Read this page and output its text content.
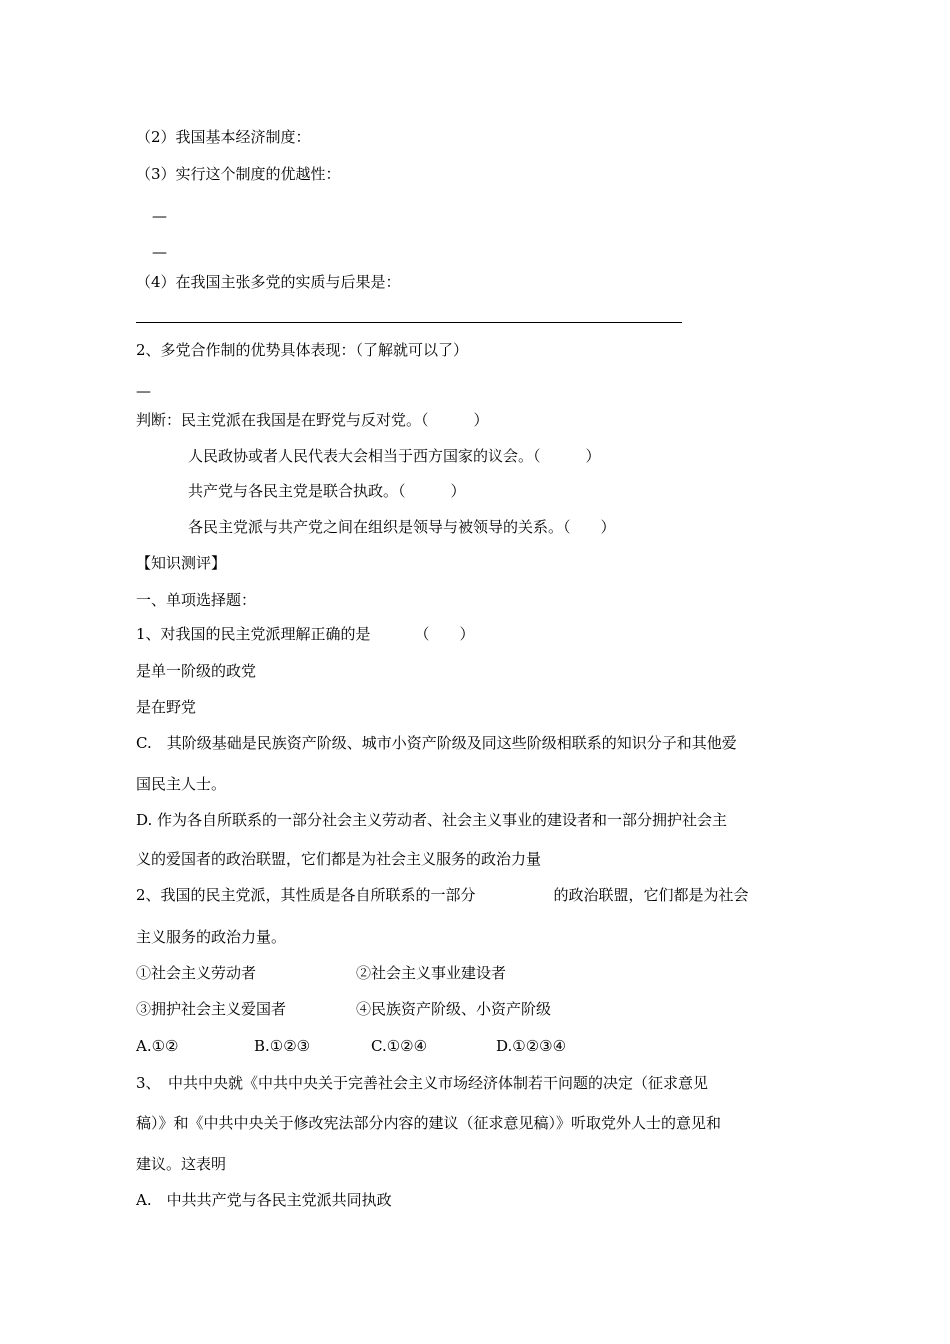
（2）我国基本经济制度：
（3）实行这个制度的优越性：
—
—
（4）在我国主张多党的实质与后果是：
2、多党合作制的优势具体表现：（了解就可以了）
—
判断：民主党派在我国是在野党与反对党。（　　　）
人民政协或者人民代表大会相当于西方国家的议会。（　　　）
共产党与各民主党是联合执政。（　　　）
各民主党派与共产党之间在组织是领导与被领导的关系。（　　）
【知识测评】
一、单项选择题：
1、对我国的民主党派理解正确的是	（　　）
是单一阶级的政党
是在野党
C.　其阶级基础是民族资产阶级、城市小资产阶级及同这些阶级相联系的知识分子和其他爱
国民主人士。
D. 作为各自所联系的一部分社会主义劳动者、社会主义事业的建设者和一部分拥护社会主
义的爱国者的政治联盟，它们都是为社会主义服务的政治力量
2、我国的民主党派，其性质是各自所联系的一部分	的政治联盟，它们都是为社会
主义服务的政治力量。
①社会主义劳动者	②社会主义事业建设者
③拥护社会主义爱国者	④民族资产阶级、小资产阶级
A.①②	B.①②③	C.①②④	D.①②③④
3、　中共中央就《中共中央关于完善社会主义市场经济体制若干问题的决定（征求意见
稿）》和《中共中央关于修改宪法部分内容的建议（征求意见稿）》听取党外人士的意见和
建议。这表明
A.　中共共产党与各民主党派共同执政
